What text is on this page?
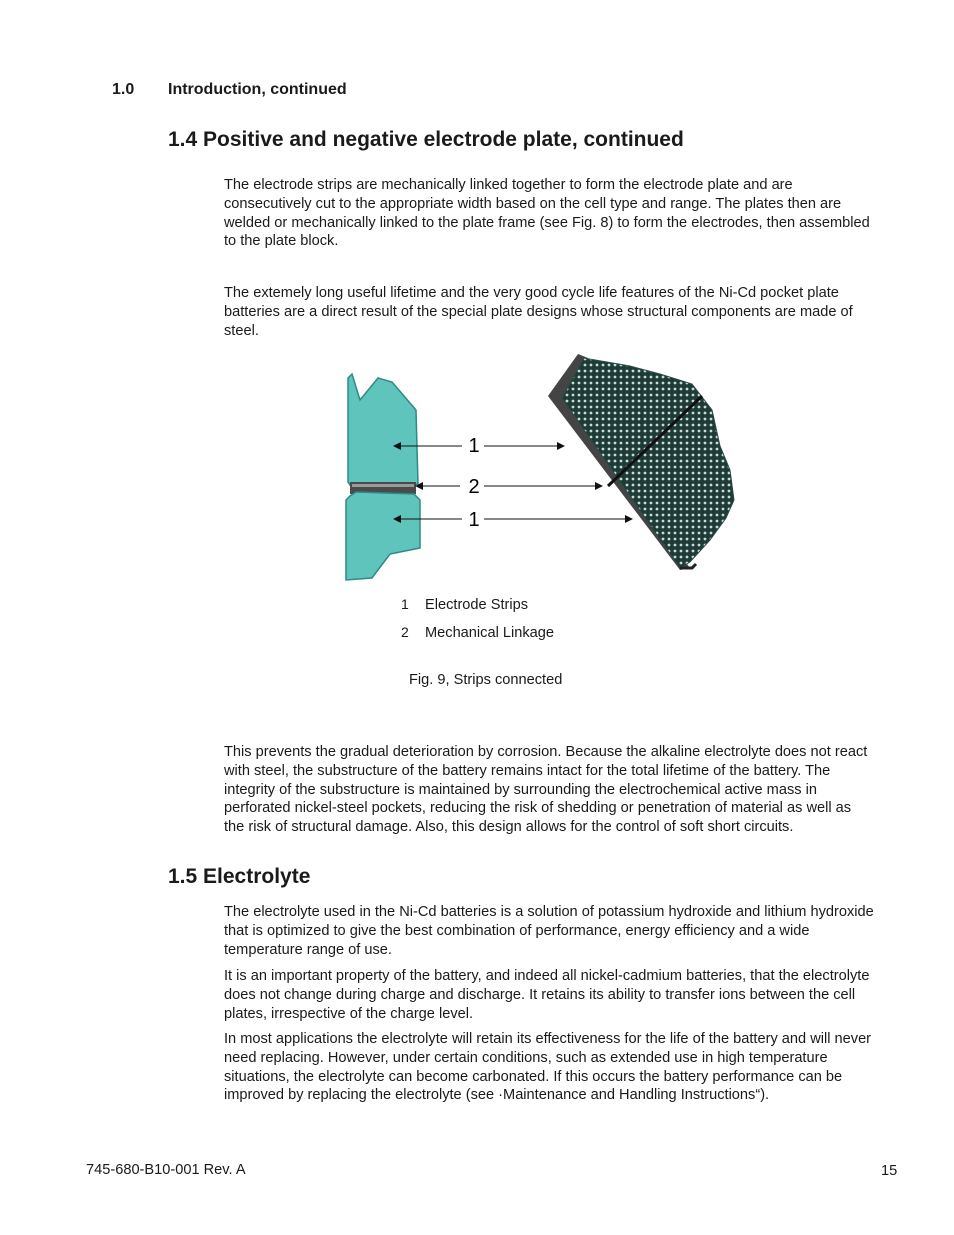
1.0 Introduction, continued
1.4 Positive and negative electrode plate, continued
The electrode strips are mechanically linked together to form the electrode plate and are consecutively cut to the appropriate width based on the cell type and range. The plates then are welded or mechanically linked to the plate frame (see Fig. 8) to form the electrodes, then assembled to the plate block.
The extemely long useful lifetime and the very good cycle life features of the Ni-Cd pocket plate batteries are a direct result of the special plate designs whose structural components are made of steel.
1
2
1
1 Electrode Strips
2 Mechanical Linkage
Fig. 9, Strips connected
This prevents the gradual deterioration by corrosion. Because the alkaline electrolyte does not react with steel, the substructure of the battery remains intact for the total lifetime of the battery. The integrity of the substructure is maintained by surrounding the electrochemical active mass in perforated nickel-steel pockets, reducing the risk of shedding or penetration of material as well as the risk of structural damage. Also, this design allows for the control of soft short circuits.
1.5 Electrolyte
The electrolyte used in the Ni-Cd batteries is a solution of potassium hydroxide and lithium hydroxide that is optimized to give the best combination of performance, energy efficiency and a wide temperature range of use.
It is an important property of the battery, and indeed all nickel-cadmium batteries, that the electrolyte does not change during charge and discharge. It retains its ability to transfer ions between the cell plates, irrespective of the charge level.
In most applications the electrolyte will retain its effectiveness for the life of the battery and will never need replacing. However, under certain conditions, such as extended use in high temperature situations, the electrolyte can become carbonated. If this occurs the battery performance can be improved by replacing the electrolyte (see ·Maintenance and Handling Instructions“).
745-680-B10-001 Rev. A	15
